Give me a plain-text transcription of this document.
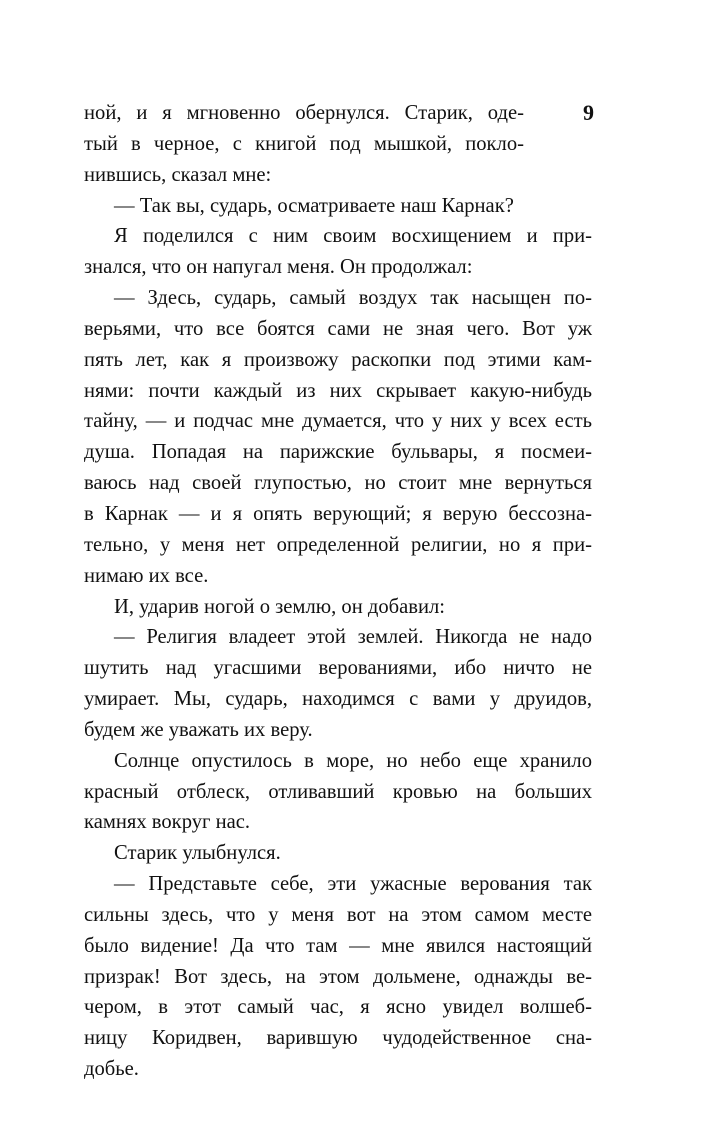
9
ной, и я мгновенно обернулся. Старик, оде-
тый в черное, с книгой под мышкой, покло-
нившись, сказал мне:
— Так вы, сударь, осматриваете наш Карнак?
Я поделился с ним своим восхищением и при-
знался, что он напугал меня. Он продолжал:
— Здесь, сударь, самый воздух так насыщен по-
верьями, что все боятся сами не зная чего. Вот уж
пять лет, как я произвожу раскопки под этими кам-
нями: почти каждый из них скрывает какую-нибудь
тайну, — и подчас мне думается, что у них у всех есть
душа. Попадая на парижские бульвары, я посмеи-
ваюсь над своей глупостью, но стоит мне вернуться
в Карнак — и я опять верующий; я верую бессозна-
тельно, у меня нет определенной религии, но я при-
нимаю их все.
И, ударив ногой о землю, он добавил:
— Религия владеет этой землей. Никогда не надо
шутить над угасшими верованиями, ибо ничто не
умирает. Мы, сударь, находимся с вами у друидов,
будем же уважать их веру.
Солнце опустилось в море, но небо еще хранило
красный отблеск, отливавший кровью на больших
камнях вокруг нас.
Старик улыбнулся.
— Представьте себе, эти ужасные верования так
сильны здесь, что у меня вот на этом самом месте
было видение! Да что там — мне явился настоящий
призрак! Вот здесь, на этом дольмене, однажды ве-
чером, в этот самый час, я ясно увидел волшеб-
ницу Коридвен, варившую чудодейственное сна-
добье.
